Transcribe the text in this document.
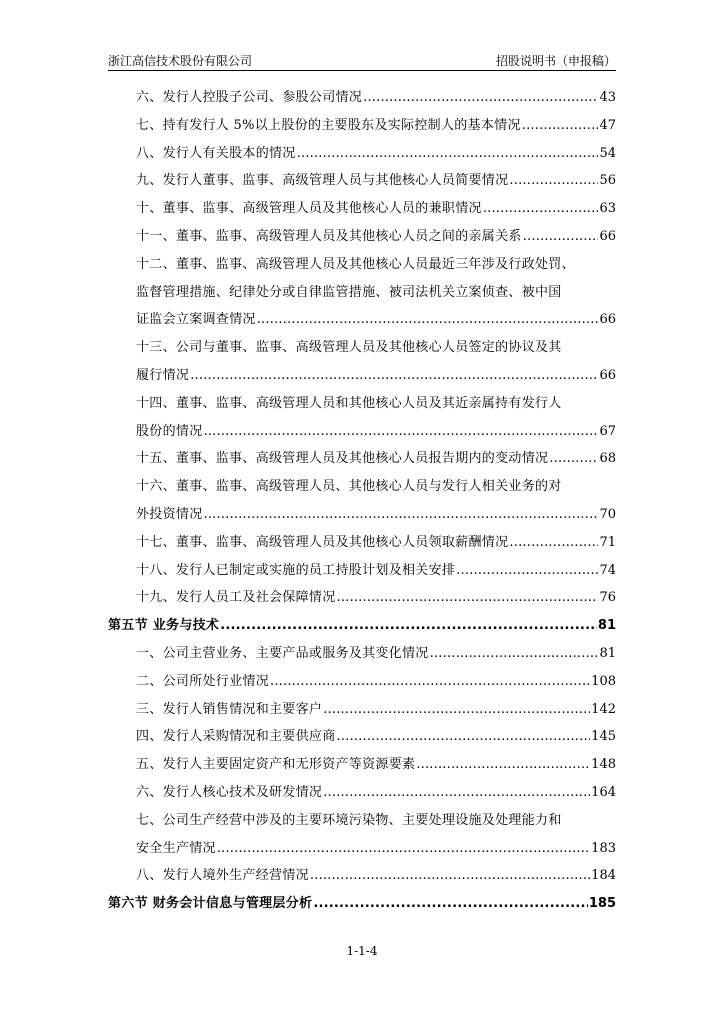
浙江高信技术股份有限公司	招股说明书（申报稿）
六、发行人控股子公司、参股公司情况 .....	43
七、持有发行人 5%以上股份的主要股东及实际控制人的基本情况 .....	47
八、发行人有关股本的情况 .....	54
九、发行人董事、监事、高级管理人员与其他核心人员简要情况 .....	56
十、董事、监事、高级管理人员及其他核心人员的兼职情况 .....	63
十一、董事、监事、高级管理人员及其他核心人员之间的亲属关系 .....	66
十二、董事、监事、高级管理人员及其他核心人员最近三年涉及行政处罚、
监督管理措施、纪律处分或自律监管措施、被司法机关立案侦查、被中国
证监会立案调查情况 .....	66
十三、公司与董事、监事、高级管理人员及其他核心人员签定的协议及其
履行情况 .....	66
十四、董事、监事、高级管理人员和其他核心人员及其近亲属持有发行人
股份的情况 .....	67
十五、董事、监事、高级管理人员及其他核心人员报告期内的变动情况 .....	68
十六、董事、监事、高级管理人员、其他核心人员与发行人相关业务的对
外投资情况 .....	70
十七、董事、监事、高级管理人员及其他核心人员领取薪酬情况 .....	71
十八、发行人已制定或实施的员工持股计划及相关安排 .....	74
十九、发行人员工及社会保障情况 .....	76
第五节 业务与技术 .....	81
一、公司主营业务、主要产品或服务及其变化情况 .....	81
二、公司所处行业情况 .....	108
三、发行人销售情况和主要客户 .....	142
四、发行人采购情况和主要供应商 .....	145
五、发行人主要固定资产和无形资产等资源要素 .....	148
六、发行人核心技术及研发情况 .....	164
七、公司生产经营中涉及的主要环境污染物、主要处理设施及处理能力和
安全生产情况 .....	183
八、发行人境外生产经营情况 .....	184
第六节 财务会计信息与管理层分析 .....	185
1-1-4
